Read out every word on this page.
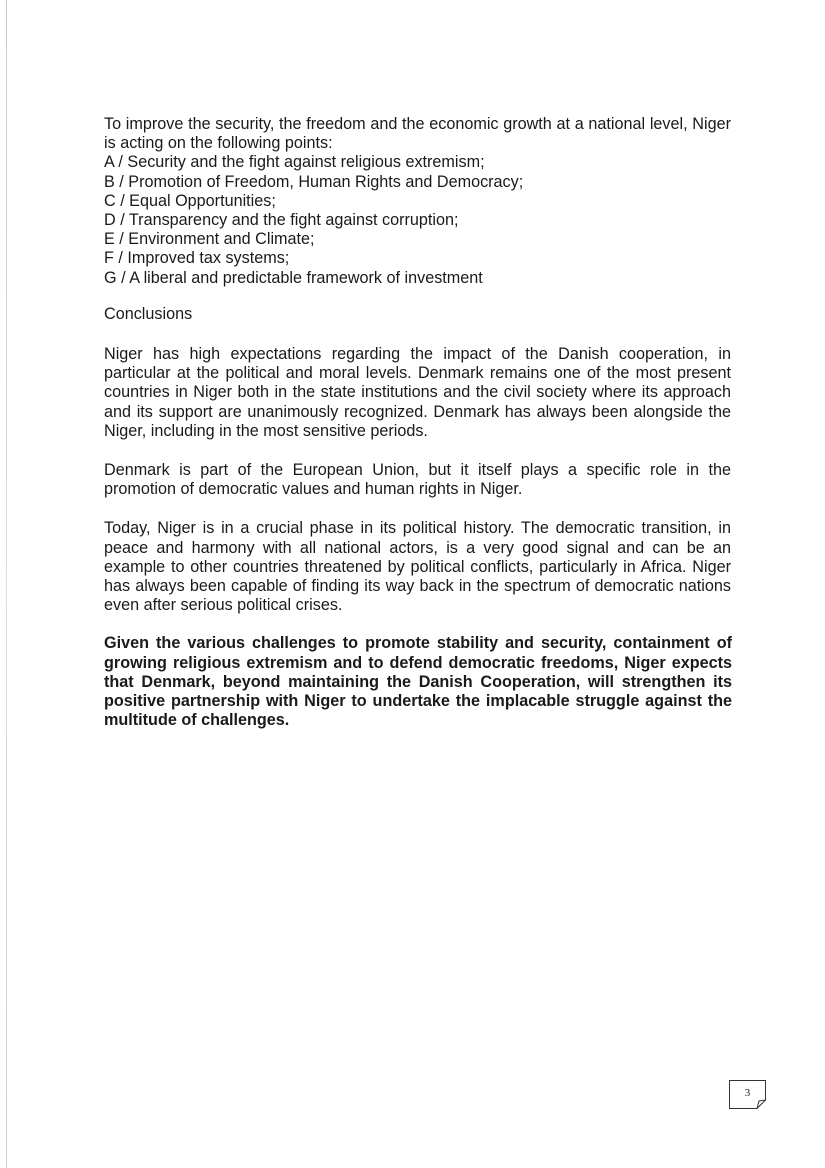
To improve the security, the freedom and the economic growth at a national level, Niger is acting on the following points:

A / Security and the fight against religious extremism;
B / Promotion of Freedom, Human Rights and Democracy;
C / Equal Opportunities;
D / Transparency and the fight against corruption;
E / Environment and Climate;
F / Improved tax systems;
G / A liberal and predictable framework of investment
Conclusions

Niger has high expectations regarding the impact of the Danish cooperation, in particular at the political and moral levels. Denmark remains one of the most present countries in Niger both in the state institutions and the civil society where its approach and its support are unanimously recognized. Denmark has always been alongside the Niger, including in the most sensitive periods.

Denmark is part of the European Union, but it itself plays a specific role in the promotion of democratic values and human rights in Niger.

Today, Niger is in a crucial phase in its political history. The democratic transition, in peace and harmony with all national actors, is a very good signal and can be an example to other countries threatened by political conflicts, particularly in Africa. Niger has always been capable of finding its way back in the spectrum of democratic nations even after serious political crises.

Given the various challenges to promote stability and security, containment of growing religious extremism and to defend democratic freedoms, Niger expects that Denmark, beyond maintaining the Danish Cooperation, will strengthen its positive partnership with Niger to undertake the implacable struggle against the multitude of challenges.

3
